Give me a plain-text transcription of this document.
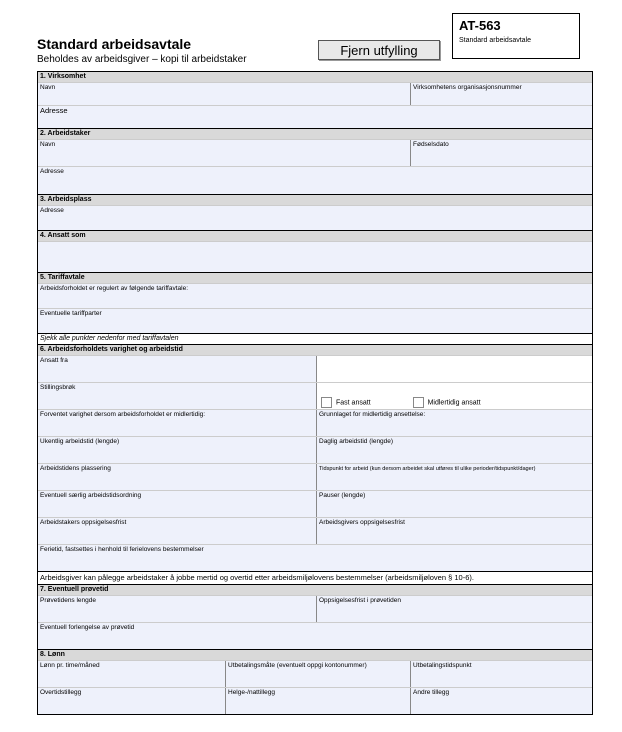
Standard arbeidsavtale
Beholdes av arbeidsgiver – kopi til arbeidstaker
Fjern utfylling
AT-563
Standard arbeidsavtale
1. Virksomhet
Navn	Virksomhetens organisasjonsnummer
Adresse
2. Arbeidstaker
Navn	Fødselsdato
Adresse
3. Arbeidsplass
Adresse
4. Ansatt som
5. Tariffavtale
Arbeidsforholdet er regulert av følgende tariffavtale:
Eventuelle tariffparter
Sjekk alle punkter nedenfor med tariffavtalen
6. Arbeidsforholdets varighet og arbeidstid
Ansatt fra
Stillingsbrøk
Fast ansatt	Midlertidig ansatt
Forventet varighet dersom arbeidsforholdet er midlertidig:	Grunnlaget for midlertidig ansettelse:
Ukentlig arbeidstid (lengde)	Daglig arbeidstid (lengde)
Arbeidstidens plassering	Tidspunkt for arbeid (kun dersom arbeidet skal utføres til ulike perioder/tidspunkt/dager)
Eventuell særlig arbeidstidsordning	Pauser (lengde)
Arbeidstakers oppsigelsesfrist	Arbeidsgivers oppsigelsesfrist
Ferietid, fastsettes i henhold til ferielovens bestemmelser
Arbeidsgiver kan pålegge arbeidstaker å jobbe mertid og overtid etter arbeidsmiljølovens bestemmelser (arbeidsmiljøloven § 10-6).
7. Eventuell prøvetid
Prøvetidens lengde	Oppsigelsesfrist i prøvetiden
Eventuell forlengelse av prøvetid
8. Lønn
Lønn pr. time/måned	Utbetalingsmåte (eventuelt oppgi kontonummer)	Utbetalingstidspunkt
Overtidstillegg	Helge-/nattillegg	Andre tillegg
